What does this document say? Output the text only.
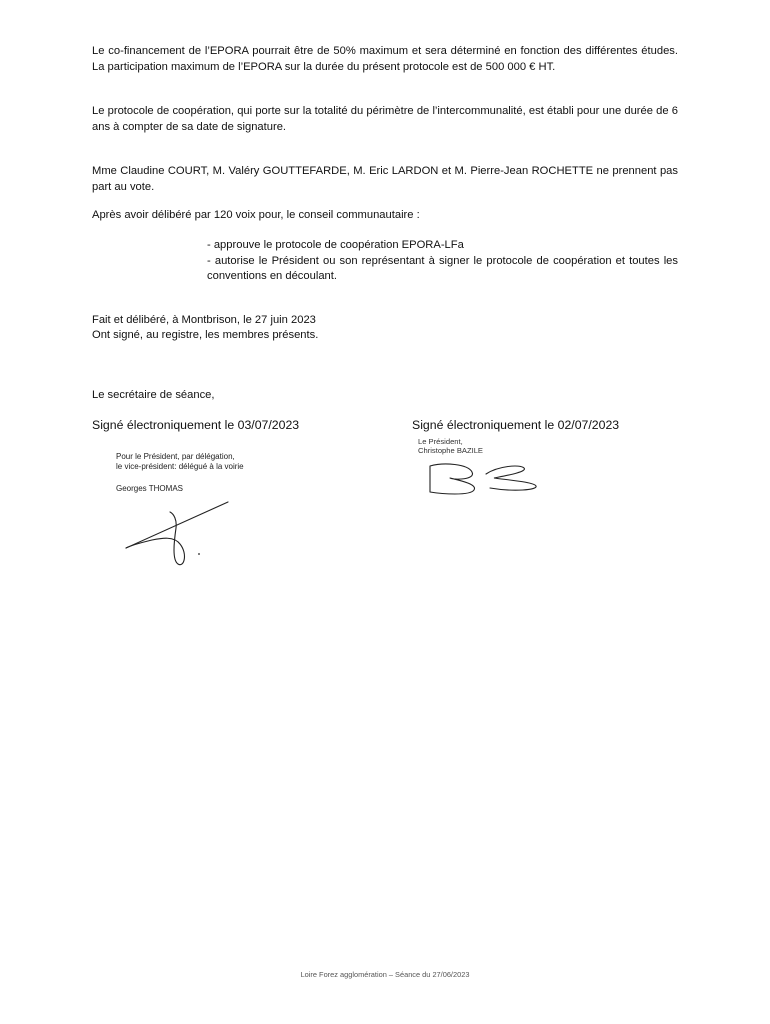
Le co-financement de l’EPORA pourrait être de 50% maximum et sera déterminé en fonction des différentes études. La participation maximum de l’EPORA sur la durée du présent protocole est de 500 000 € HT.

Le protocole de coopération, qui porte sur la totalité du périmètre de l’intercommunalité, est établi pour une durée de 6 ans à compter de sa date de signature.

Mme Claudine COURT, M. Valéry GOUTTEFARDE, M. Eric LARDON et M. Pierre-Jean ROCHETTE ne prennent pas part au vote.

Après avoir délibéré par 120 voix pour, le conseil communautaire :

- approuve le protocole de coopération EPORA-LFa
- autorise le Président ou son représentant à signer le protocole de coopération et toutes les conventions en découlant.

Fait et délibéré, à Montbrison, le 27 juin 2023

Ont signé, au registre, les membres présents.

Le secrétaire de séance,

Signé électroniquement le 03/07/2023

Pour le Président, par délégation,

le vice-président: délégué à la voirie

Georges THOMAS

Signé électroniquement le 02/07/2023

Le Président,

Christophe BAZILE

Loire Forez agglomération – Séance du 27/06/2023
